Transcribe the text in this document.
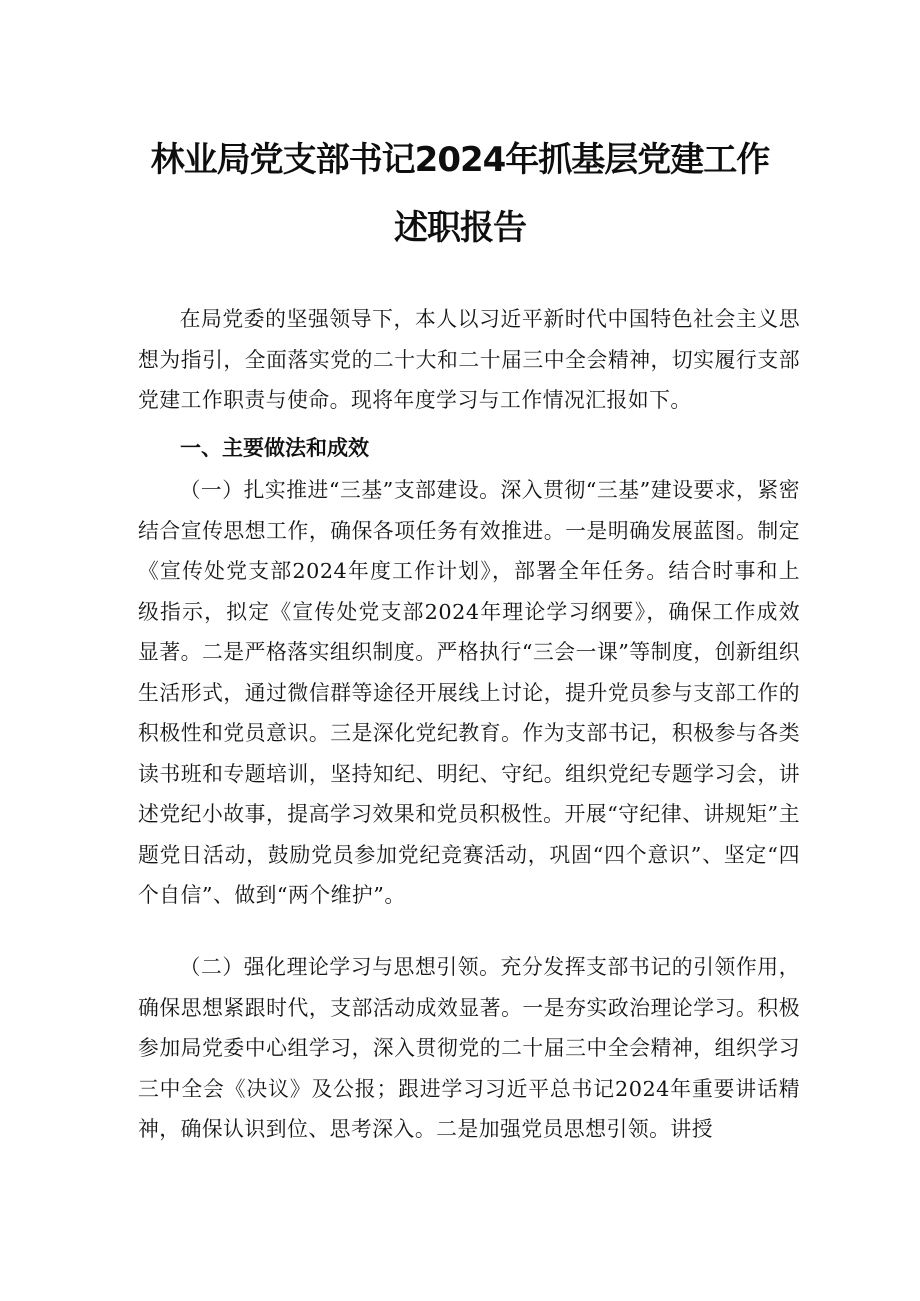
林业局党支部书记2024年抓基层党建工作
述职报告

在局党委的坚强领导下，本人以习近平新时代中国特色社会主义思想为指引，全面落实党的二十大和二十届三中全会精神，切实履行支部党建工作职责与使命。现将年度学习与工作情况汇报如下。

一、主要做法和成效

（一）扎实推进“三基”支部建设。深入贯彻“三基”建设要求，紧密结合宣传思想工作，确保各项任务有效推进。一是明确发展蓝图。制定《宣传处党支部2024年度工作计划》，部署全年任务。结合时事和上级指示，拟定《宣传处党支部2024年理论学习纲要》，确保工作成效显著。二是严格落实组织制度。严格执行“三会一课”等制度，创新组织生活形式，通过微信群等途径开展线上讨论，提升党员参与支部工作的积极性和党员意识。三是深化党纪教育。作为支部书记，积极参与各类读书班和专题培训，坚持知纪、明纪、守纪。组织党纪专题学习会，讲述党纪小故事，提高学习效果和党员积极性。开展“守纪律、讲规矩”主题党日活动，鼓励党员参加党纪竞赛活动，巩固“四个意识”、坚定“四个自信”、做到“两个维护”。

（二）强化理论学习与思想引领。充分发挥支部书记的引领作用，确保思想紧跟时代，支部活动成效显著。一是夯实政治理论学习。积极参加局党委中心组学习，深入贯彻党的二十届三中全会精神，组织学习三中全会《决议》及公报；跟进学习习近平总书记2024年重要讲话精神，确保认识到位、思考深入。二是加强党员思想引领。讲授
